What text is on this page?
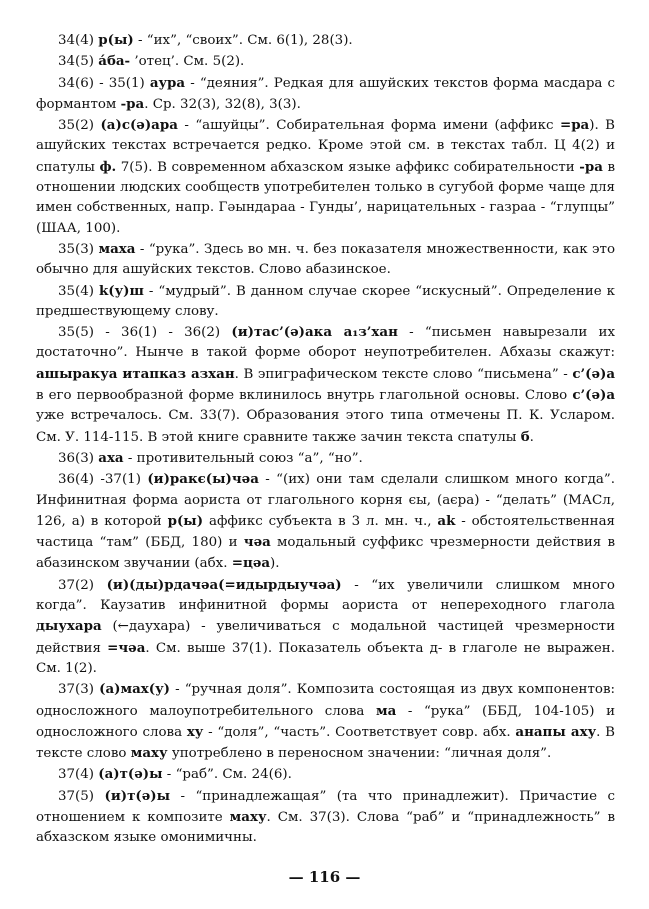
34(4) р(ы) - “их”, “своих”. См. 6(1), 28(3).

34(5) а́ба- ’отец’. См. 5(2).

34(6) - 35(1) аура - “деяния”. Редкая для ашуйских текстов форма масдара с формантом -ра. Ср. 32(3), 32(8), 3(3).

35(2) (а)с(ə)ара - “ашуйцы”. Собирательная форма имени (аффикс =ра). В ашуйских текстах встречается редко. Кроме этой см. в текстах табл. Ц 4(2) и спатулы ф. 7(5). В современном абхазском языке аффикс собирательности -ра в отношении людских сообществ употребителен только в сугубой форме чаще для имен собственных, напр. Гəындараа - Гунды’, нарицательных - газраа - “глупцы” (ШАА, 100).

35(3) маха - “рука”. Здесь во мн. ч. без показателя множественности, как это обычно для ашуйских текстов. Слово абазинское.

35(4) k(у)ш - “мудрый”. В данном случае скорее “искусный”. Определение к предшествующему слову.

35(5) - 36(1) - 36(2) (и)тас’(ə)ака а₁з’хан - “письмен навырезали их достаточно”. Нынче в такой форме оборот неупотребителен. Абхазы скажут: ашыракуа итапказ азхан. В эпиграфическом тексте слово “письмена” - с’(ə)а в его первообразной форме вклинилось внутрь глагольной основы. Слово с’(ə)а уже встречалось. См. 33(7). Образования этого типа отмечены П. К. Усларом. См. У. 114-115. В этой книге сравните также зачин текста спатулы б.

36(3) аха - противительный союз “а”, “но”.

36(4) -37(1) (и)ракє(ы)чəа - “(их) они там сделали слишком много когда”. Инфинитная форма аориста от глагольного корня єы, (аєра) - “делать” (МАСл, 126, а) в которой р(ы) аффикс субъекта в 3 л. мн. ч., аk - обстоятельственная частица “там” (ББД, 180) и чəа модальный суффикс чрезмерности действия в абазинском звучании (абх. =цəа).

37(2) (и)(ды)рдачəа(=идырдыучəа) - “их увеличили слишком много когда”. Каузатив инфинитной формы аориста от непереходного глагола дыухара (←дауxара) - увеличиваться с модальной частицей чрезмерности действия =чəа. См. выше 37(1). Показатель объекта д- в глаголе не выражен. См. 1(2).

37(3) (а)мах(у) - “ручная доля”. Композита состоящая из двух компонентов: односложного малоупотребительного слова ма - “рука” (ББД, 104-105) и односложного слова ху - “доля”, “часть”. Соответствует совр. абх. анапы аху. В тексте слово маху употреблено в переносном значении: “личная доля”.

37(4) (а)т(ə)ы - “раб”. См. 24(6).

37(5) (и)т(ə)ы - “принадлежащая” (та что принадлежит). Причастие с отношением к композите маху. См. 37(3). Слова “раб” и “принадлежность” в абхазском языке омонимичны.

— 116 —
